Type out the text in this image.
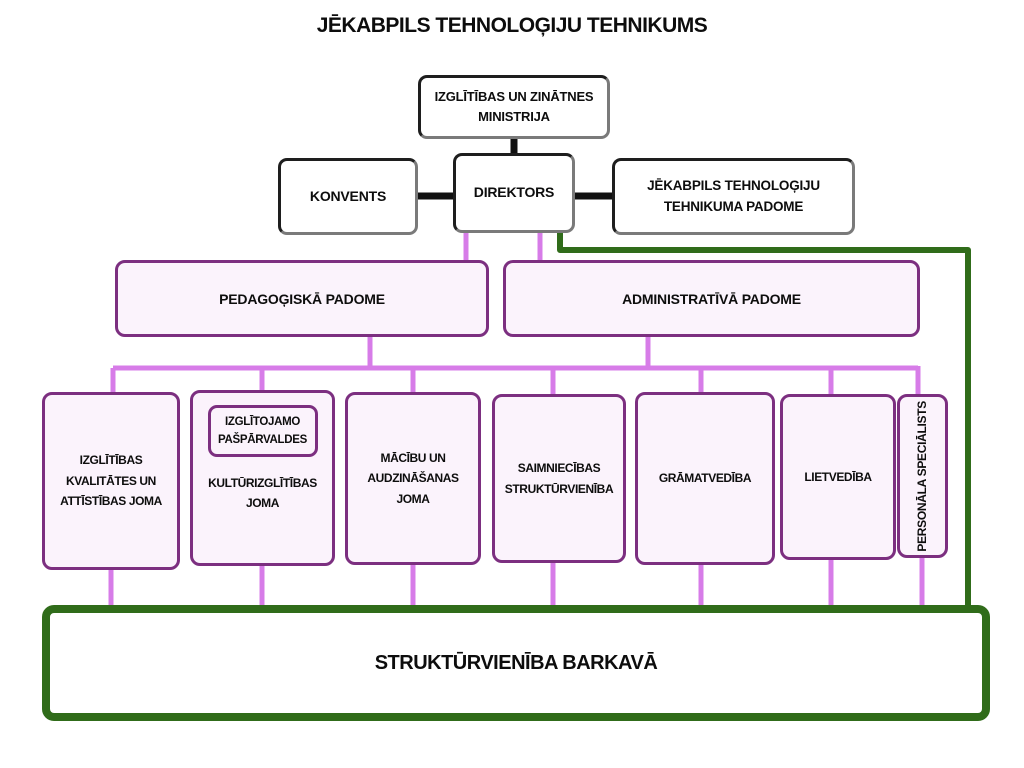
JĒKABPILS TEHNOLOĢIJU TEHNIKUMS
IZGLĪTĪBAS UN ZINĀTNES MINISTRIJA
KONVENTS	DIREKTORS	JĒKABPILS TEHNOLOĢIJU TEHNIKUMA PADOME
PEDAGOĢISKĀ PADOME	ADMINISTRATĪVĀ PADOME
IZGLĪTĪBAS KVALITĀTES UN ATTĪSTĪBAS JOMA
IZGLĪTOJAMO PAŠPĀRVALDES
KULTŪRIZGLĪTĪBAS JOMA
MĀCĪBU UN AUDZINĀŠANAS JOMA
SAIMNIECĪBAS STRUKTŪRVIENĪBA
GRĀMATVEDĪBA	LIETVEDĪBA	PERSONĀLA SPECIĀLISTS
STRUKTŪRVIENĪBA BARKAVĀ
